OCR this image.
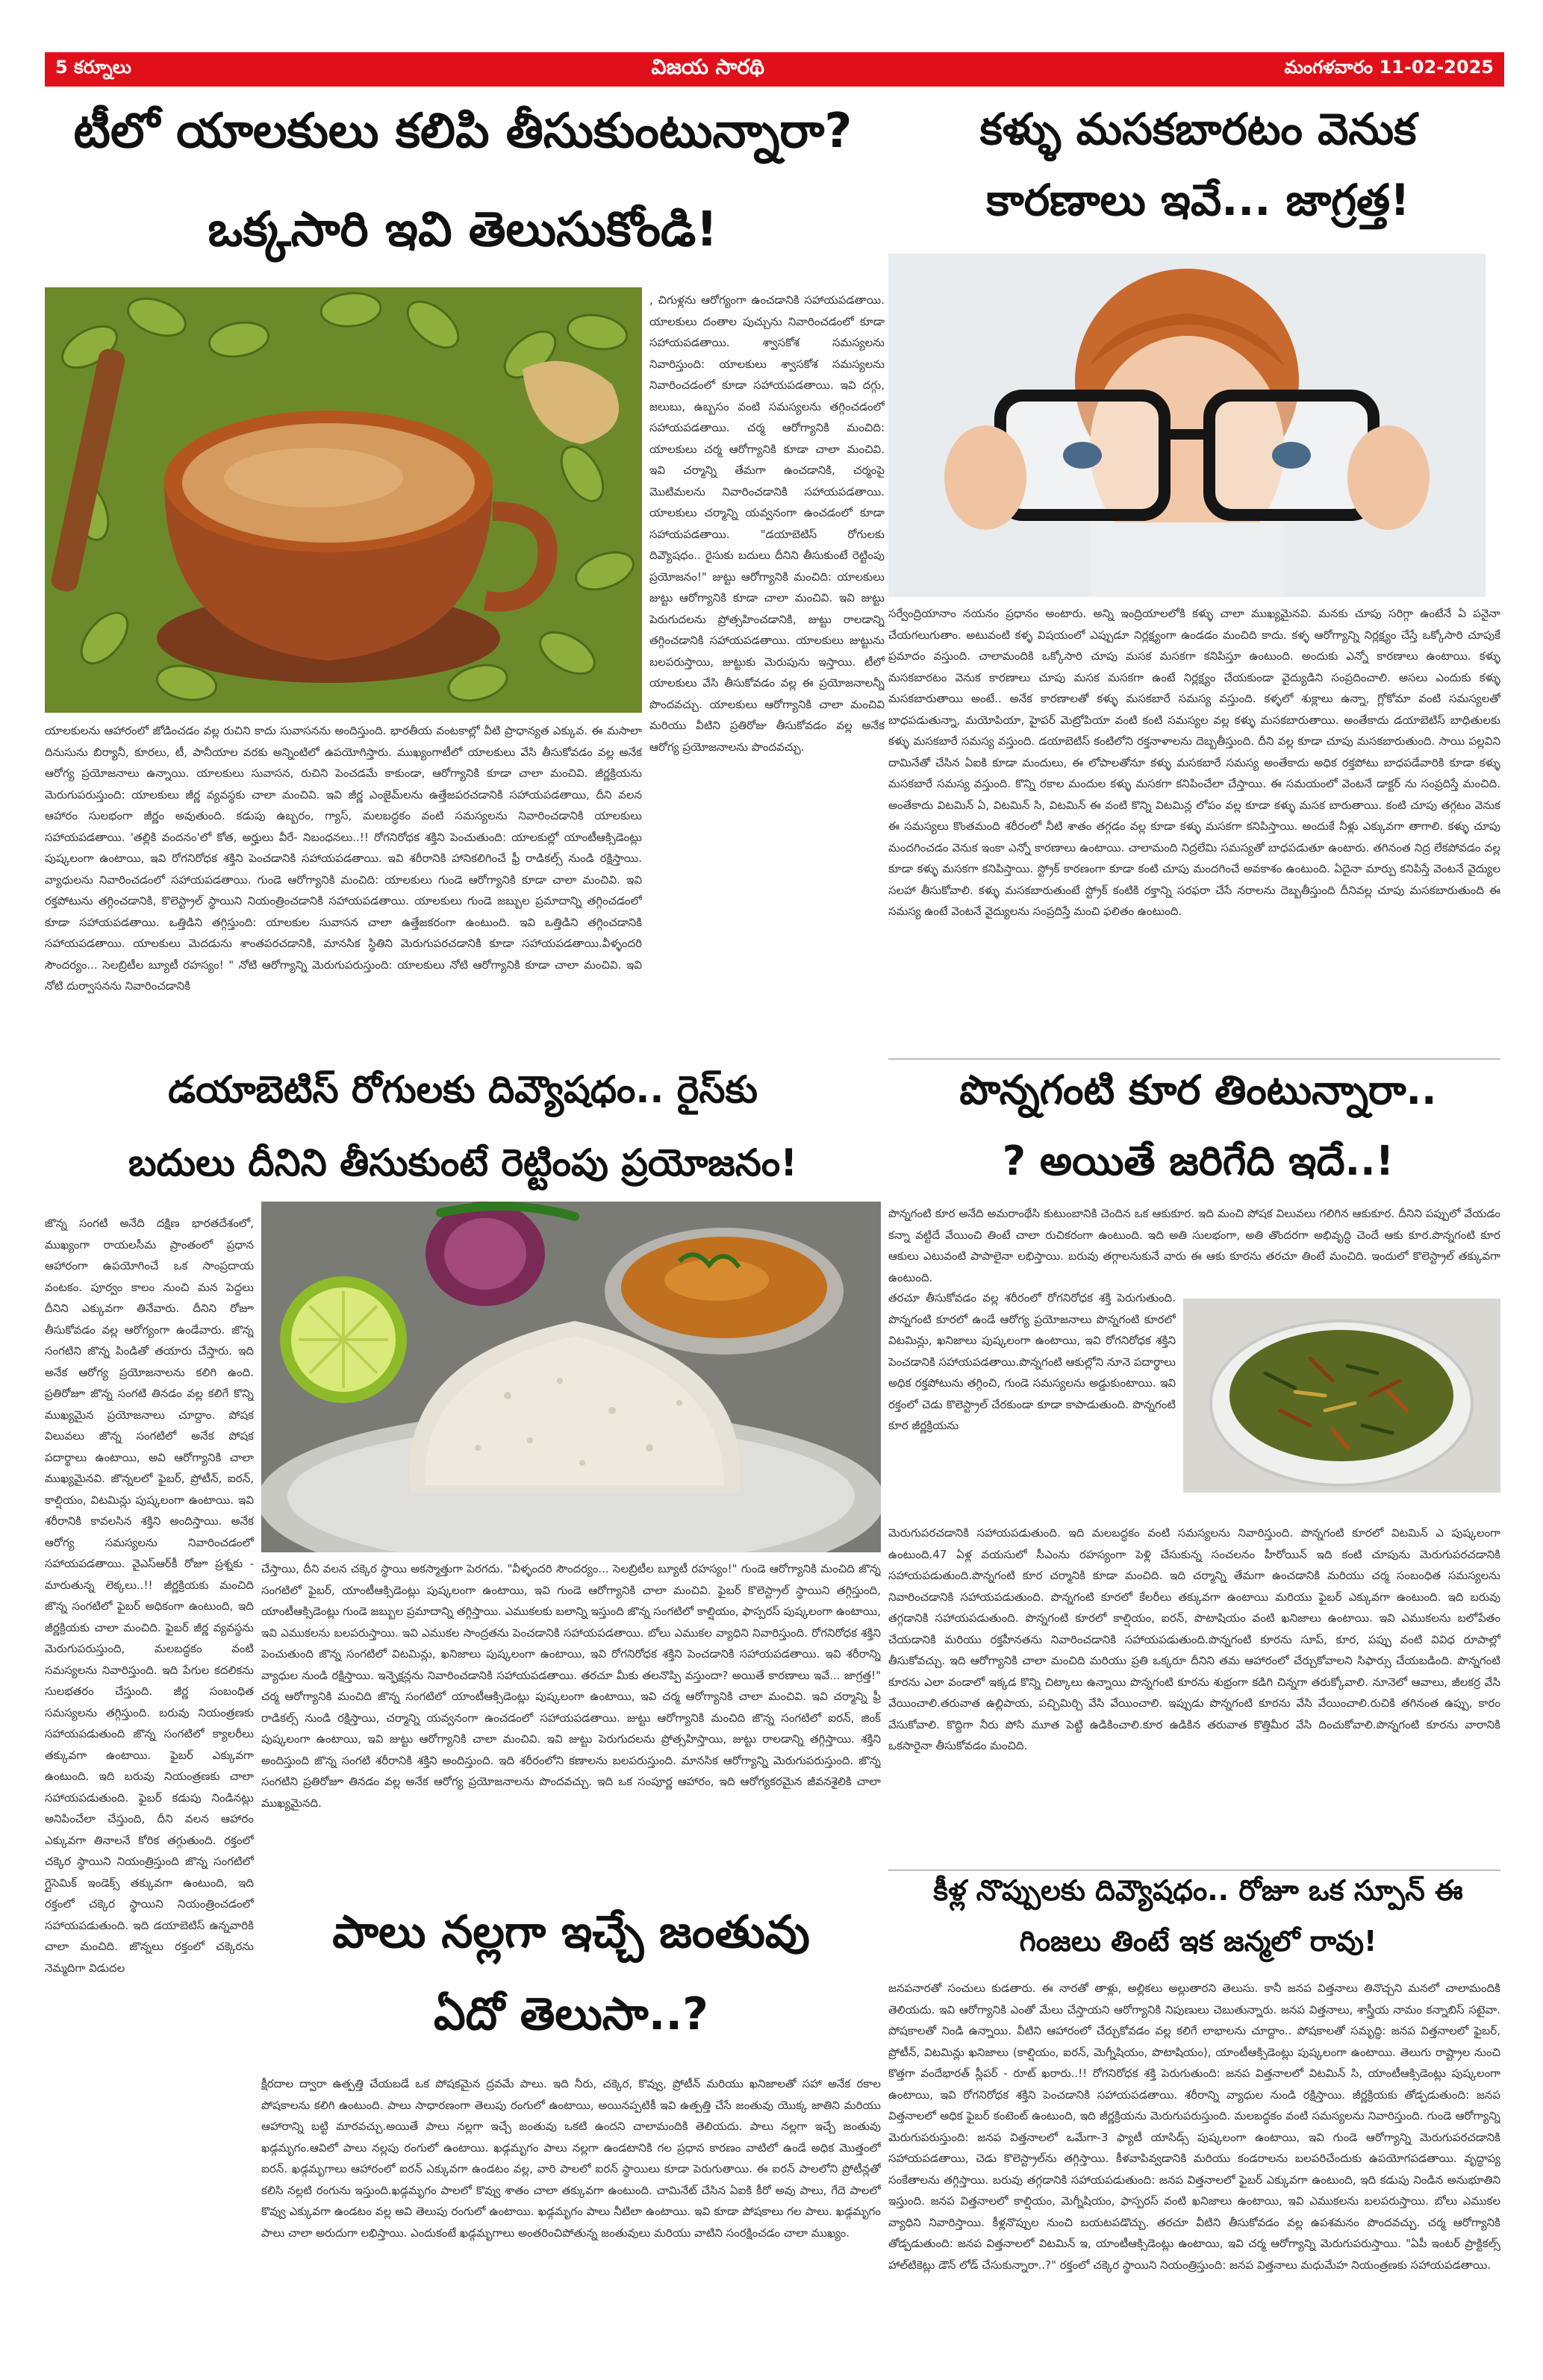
5 కర్నూలు	విజయ సారథి	మంగళవారం 11-02-2025
టీలో యాలకులు కలిపి తీసుకుంటున్నారా?
ఒక్కసారి ఇవి తెలుసుకోండి!
, చిగుళ్లను ఆరోగ్యంగా ఉంచడానికి సహాయపడతాయి. యాలకులు దంతాల పుచ్చును నివారించడంలో కూడా సహాయపడతాయి. శ్వాసకోశ సమస్యలను నివారిస్తుంది: యాలకులు శ్వాసకోశ సమస్యలను నివారించడంలో కూడా సహాయపడతాయి. ఇవి దగ్గు, జలుబు, ఉబ్బసం వంటి సమస్యలను తగ్గించడంలో సహాయపడతాయి. చర్మ ఆరోగ్యానికి మంచిది: యాలకులు చర్మ ఆరోగ్యానికి కూడా చాలా మంచివి. ఇవి చర్మాన్ని తేమగా ఉంచడానికి, చర్మంపై మొటిమలను నివారించడానికి సహాయపడతాయి. యాలకులు చర్మాన్ని యవ్వనంగా ఉంచడంలో కూడా సహాయపడతాయి. "డయాబెటిస్ రోగులకు దివ్యౌషధం.. రైసుకు బదులు దీనిని తీసుకుంటే రెట్టింపు ప్రయోజనం!" జుట్టు ఆరోగ్యానికి మంచిది: యాలకులు జుట్టు ఆరోగ్యానికి కూడా చాలా మంచివి. ఇవి జుట్టు పెరుగుదలను ప్రోత్సహించడానికి, జుట్టు రాలడాన్ని తగ్గించడానికి సహాయపడతాయి. యాలకులు జుట్టును బలపరుస్తాయి, జుట్టుకు మెరుపును ఇస్తాయి. టీలో యాలకులు వేసి తీసుకోవడం వల్ల ఈ ప్రయోజనాలన్నీ పొందవచ్చు. యాలకులు ఆరోగ్యానికి చాలా మంచివి మరియు వీటిని ప్రతిరోజు తీసుకోవడం వల్ల అనేక ఆరోగ్య ప్రయోజనాలను పొందవచ్చు.
యాలకులను ఆహారంలో జోడించడం వల్ల రుచిని కాదు సువాసనను అందిస్తుంది. భారతీయ వంటకాల్లో వీటి ప్రాధాన్యత ఎక్కువ. ఈ మసాలా దినుసును బిర్యానీ, కూరలు, టీ, పానీయాల వరకు అన్నింటిలో ఉపయోగిస్తారు. ముఖ్యంగాటీలో యాలకులు వేసి తీసుకోవడం వల్ల అనేక ఆరోగ్య ప్రయోజనాలు ఉన్నాయి. యాలకులు సువాసన, రుచిని పెంచడమే కాకుండా, ఆరోగ్యానికి కూడా చాలా మంచివి. జీర్ణక్రియను మెరుగుపరుస్తుంది: యాలకులు జీర్ణ వ్యవస్థకు చాలా మంచివి. ఇవి జీర్ణ ఎంజైమ్‌లను ఉత్తేజపరచడానికి సహాయపడతాయి, దీని వలన ఆహారం సులభంగా జీర్ణం అవుతుంది. కడుపు ఉబ్బరం, గ్యాస్, మలబద్ధకం వంటి సమస్యలను నివారించడానికి యాలకులు సహాయపడతాయి. 'తల్లికి వందనం'లో కోత, అర్హులు వీరే- నిబంధనలు..!! రోగనిరోధక శక్తిని పెంచుతుంది: యాలకుల్లో యాంటీఆక్సిడెంట్లు పుష్కలంగా ఉంటాయి, ఇవి రోగనిరోధక శక్తిని పెంచడానికి సహాయపడతాయి. ఇవి శరీరానికి హానికలిగించే ఫ్రీ రాడికల్స్ నుండి రక్షిస్తాయి. వ్యాధులను నివారించడంలో సహాయపడతాయి. గుండె ఆరోగ్యానికి మంచిది: యాలకులు గుండె ఆరోగ్యానికి కూడా చాలా మంచివి. ఇవి రక్తపోటును తగ్గించడానికి, కొలెస్ట్రాల్ స్థాయిని నియంత్రించడానికి సహాయపడతాయి. యాలకులు గుండె జబ్బుల ప్రమాదాన్ని తగ్గించడంలో కూడా సహాయపడతాయి. ఒత్తిడిని తగ్గిస్తుంది: యాలకుల సువాసన చాలా ఉత్తేజకరంగా ఉంటుంది. ఇవి ఒత్తిడిని తగ్గించడానికి సహాయపడతాయి. యాలకులు మెదడును శాంతపరచడానికి, మానసిక స్థితిని మెరుగుపరచడానికి కూడా సహాయపడతాయి.వీళ్ళందరి సౌందర్యం... సెలబ్రిటీల బ్యూటీ రహస్యం! " నోటి ఆరోగ్యాన్ని మెరుగుపరుస్తుంది: యాలకులు నోటి ఆరోగ్యానికి కూడా చాలా మంచివి. ఇవి నోటి దుర్వాసనను నివారించడానికి
కళ్ళు మసకబారటం వెనుక
కారణాలు ఇవే... జాగ్రత్త!
సర్వేంద్రియానాం నయనం ప్రధానం అంటారు. అన్ని ఇంద్రియాలలోకి కళ్ళు చాలా ముఖ్యమైనవి. మనకు చూపు సరిగ్గా ఉంటేనే ఏ పనైనా చేయగలుగుతాం. అటువంటి కళ్ళ విషయంలో ఎప్పుడూ నిర్లక్ష్యంగా ఉండడం మంచిది కాదు. కళ్ళ ఆరోగ్యాన్ని నిర్లక్ష్యం చేస్తే ఒక్కోసారి చూపుకే ప్రమాదం వస్తుంది. చాలామందికి ఒక్కోసారి చూపు మసక మసకగా కనిపిస్తూ ఉంటుంది. అందుకు ఎన్నో కారణాలు ఉంటాయి. కళ్ళు మసకబారటం వెనుక కారణాలు చూపు మసక మసకగా ఉంటే నిర్లక్ష్యం చేయకుండా వైద్యుడిని సంప్రదించాలి. అసలు ఎందుకు కళ్ళు మసకబారుతాయి అంటే.. అనేక కారణాలతో కళ్ళు మసకబారే సమస్య వస్తుంది. కళ్ళలో శుక్లాలు ఉన్నా, గ్లోకోమా వంటి సమస్యలతో బాధపడుతున్నా, మయోపియా, హైపర్ మెట్రోపియా వంటి కంటి సమస్యల వల్ల కళ్ళు మసకబారుతాయి. అంతేకాదు డయాబెటిస్ బాధితులకు కళ్ళు మసకబారే సమస్య వస్తుంది. డయాబెటిస్ కంటిలోని రక్తనాళాలను దెబ్బతీస్తుంది. దీని వల్ల కూడా చూపు మసకబారుతుంది. సాయి పల్లవిని దామినేతో చేసిన ఏఐకి కూడా మందులు, ఈ లోపాలతోనూ కళ్ళు మసకబారే సమస్య అంతేకాదు అధిక రక్తపోటు బాధపడేవారికి కూడా కళ్ళు మసకబారే సమస్య వస్తుంది. కొన్ని రకాల మందుల కళ్ళు మసకగా కనిపించేలా చేస్తాయి. ఈ సమయంలో వెంటనే డాక్టర్ ను సంప్రదిస్తే మంచిది. అంతేకాదు విటమిన్ ఏ, విటమిన్ సి, విటమిన్ ఈ వంటి కొన్ని విటమిన్ల లోపం వల్ల కూడా కళ్ళు మసక బారుతాయి. కంటి చూపు తగ్గటం వెనుక ఈ సమస్యలు కొంతమంది శరీరంలో నీటి శాతం తగ్గడం వల్ల కూడా కళ్ళు మసకగా కనిపిస్తాయి. అందుకే నీళ్లు ఎక్కువగా తాగాలి. కళ్ళు చూపు మందగించడం వెనుక ఇంకా ఎన్నో కారణాలు ఉంటాయి. చాలామంది నిద్రలేమి సమస్యతో బాధపడుతూ ఉంటారు. తగినంత నిద్ర లేకపోవడం వల్ల కూడా కళ్ళు మసకగా కనిపిస్తాయి. స్ట్రోక్ కారణంగా కూడా కంటి చూపు మందగించే అవకాశం ఉంటుంది. ఏదైనా మార్పు కనిపిస్తే వెంటనే వైద్యుల సలహా తీసుకోవాలి. కళ్ళు మసకబారుతుంటే స్ట్రోక్ కంటికి రక్తాన్ని సరఫరా చేసే నరాలను దెబ్బతీస్తుంది దీనివల్ల చూపు మసకబారుతుంది ఈ సమస్య ఉంటే వెంటనే వైద్యులను సంప్రదిస్తే మంచి ఫలితం ఉంటుంది.
డయాబెటిస్ రోగులకు దివ్యౌషధం.. రైస్‌కు
బదులు దీనిని తీసుకుంటే రెట్టింపు ప్రయోజనం!
జొన్న సంగటి అనేది దక్షిణ భారతదేశంలో, ముఖ్యంగా రాయలసీమ ప్రాంతంలో ప్రధాన ఆహారంగా ఉపయోగించే ఒక సాంప్రదాయ వంటకం. పూర్వం కాలం నుంచి మన పెద్దలు దీనిని ఎక్కువగా తినేవారు. దీనిని రోజూ తీసుకోవడం వల్ల ఆరోగ్యంగా ఉండేవారు. జొన్న సంగటిని జొన్న పిండితో తయారు చేస్తారు. ఇది అనేక ఆరోగ్య ప్రయోజనాలను కలిగి ఉంది. ప్రతిరోజూ జొన్న సంగటి తినడం వల్ల కలిగే కొన్ని ముఖ్యమైన ప్రయోజనాలు చూద్దాం. పోషక విలువలు జొన్న సంగటిలో అనేక పోషక పదార్థాలు ఉంటాయి, అవి ఆరోగ్యానికి చాలా ముఖ్యమైనవి. జొన్నలలో ఫైబర్, ప్రోటీన్, ఐరన్, కాల్షియం, విటమిన్లు పుష్కలంగా ఉంటాయి. ఇవి శరీరానికి కావలసిన శక్తిని అందిస్తాయి. అనేక ఆరోగ్య సమస్యలను నివారించడంలో సహాయపడతాయి. వైఎస్‌ఆర్‌కీ రోజూ ప్రశ్నకు - మారుతున్న లెక్కలు..!! జీర్ణక్రియకు మంచిది జొన్న సంగటిలో ఫైబర్ అధికంగా ఉంటుంది, ఇది జీర్ణక్రియకు చాలా మంచిది. ఫైబర్ జీర్ణ వ్యవస్థను మెరుగుపరుస్తుంది, మలబద్ధకం వంటి సమస్యలను నివారిస్తుంది. ఇది పేగుల కదలికను సులభతరం చేస్తుంది. జీర్ణ సంబంధిత సమస్యలను తగ్గిస్తుంది. బరువు నియంత్రణకు సహాయపడుతుంది జొన్న సంగటిలో క్యాలరీలు తక్కువగా ఉంటాయి. ఫైబర్ ఎక్కువగా ఉంటుంది. ఇది బరువు నియంత్రణకు చాలా సహాయపడుతుంది. ఫైబర్ కడుపు నిండినట్లు అనిపించేలా చేస్తుంది, దీని వలన ఆహారం ఎక్కువగా తినాలనే కోరిక తగ్గుతుంది. రక్తంలో చక్కెర స్థాయిని నియంత్రిస్తుంది జొన్న సంగటిలో గ్లైసెమిక్ ఇండెక్స్ తక్కువగా ఉంటుంది, ఇది రక్తంలో చక్కెర స్థాయిని నియంత్రించడంలో సహాయపడుతుంది. ఇది డయాబెటిస్ ఉన్నవారికి చాలా మంచిది. జొన్నలు రక్తంలో చక్కెరను నెమ్మదిగా విడుదల
చేస్తాయి, దీని వలన చక్కెర స్థాయి అకస్మాత్తుగా పెరగదు. "వీళ్ళందరి సౌందర్యం... సెలబ్రిటీల బ్యూటీ రహస్యం!" గుండె ఆరోగ్యానికి మంచిది జొన్న సంగటిలో ఫైబర్, యాంటీఆక్సిడెంట్లు పుష్కలంగా ఉంటాయి, ఇవి గుండె ఆరోగ్యానికి చాలా మంచివి. ఫైబర్ కొలెస్ట్రాల్ స్థాయిని తగ్గిస్తుంది, యాంటీఆక్సిడెంట్లు గుండె జబ్బుల ప్రమాదాన్ని తగ్గిస్తాయి. ఎముకలకు బలాన్ని ఇస్తుంది జొన్న సంగటిలో కాల్షియం, ఫాస్పరస్ పుష్కలంగా ఉంటాయి, ఇవి ఎముకలను బలపరుస్తాయి. ఇవి ఎముకల సాంద్రతను పెంచడానికి సహాయపడతాయి. బోలు ఎముకల వ్యాధిని నివారిస్తుంది. రోగనిరోధక శక్తిని పెంచుతుంది జొన్న సంగటిలో విటమిన్లు, ఖనిజాలు పుష్కలంగా ఉంటాయి, ఇవి రోగనిరోధక శక్తిని పెంచడానికి సహాయపడతాయి. ఇవి శరీరాన్ని వ్యాధుల నుండి రక్షిస్తాయి. ఇన్ఫెక్షన్లను నివారించడానికి సహాయపడతాయి. తరచూ మీకు తలనొప్పి వస్తుందా? అయితే కారణాలు ఇవే... జాగ్రత్త!" చర్మ ఆరోగ్యానికి మంచిది జొన్న సంగటిలో యాంటీఆక్సిడెంట్లు పుష్కలంగా ఉంటాయి, ఇవి చర్మ ఆరోగ్యానికి చాలా మంచివి. ఇవి చర్మాన్ని ఫ్రీ రాడికల్స్ నుండి రక్షిస్తాయి, చర్మాన్ని యవ్వనంగా ఉంచడంలో సహాయపడతాయి. జుట్టు ఆరోగ్యానికి మంచిది జొన్న సంగటిలో ఐరన్, జింక్ పుష్కలంగా ఉంటాయి, ఇవి జుట్టు ఆరోగ్యానికి చాలా మంచివి. ఇవి జుట్టు పెరుగుదలను ప్రోత్సహిస్తాయి, జుట్టు రాలడాన్ని తగ్గిస్తాయి. శక్తిని అందిస్తుంది జొన్న సంగటి శరీరానికి శక్తిని అందిస్తుంది. ఇది శరీరంలోని కణాలను బలపరుస్తుంది. మానసిక ఆరోగ్యాన్ని మెరుగుపరుస్తుంది. జొన్న సంగటిని ప్రతిరోజూ తినడం వల్ల అనేక ఆరోగ్య ప్రయోజనాలను పొందవచ్చు. ఇది ఒక సంపూర్ణ ఆహారం, ఇది ఆరోగ్యకరమైన జీవనశైలికి చాలా ముఖ్యమైనది.
పాలు నల్లగా ఇచ్చే జంతువు
ఏదో తెలుసా..?
క్షీరదాల ద్వారా ఉత్పత్తి చేయబడే ఒక పోషకమైన ద్రవమే పాలు. ఇది నీరు, చక్కెర, కొవ్వు, ప్రోటీన్ మరియు ఖనిజాలతో సహా అనేక రకాల పోషకాలను కలిగి ఉంటుంది. పాలు సాధారణంగా తెలుపు రంగులో ఉంటాయి, అయినప్పటికీ ఇవి ఉత్పత్తి చేసే జంతువు యొక్క జాతిని మరియు ఆహారాన్ని బట్టి మారవచ్చు.అయితే పాలు నల్లగా ఇచ్చే జంతువు ఒకటి ఉందని చాలామందికి తెలియదు. పాలు నల్లగా ఇచ్చే జంతువు ఖడ్గమృగం.ఆవిలో పాలు నల్లపు రంగులో ఉంటాయి. ఖడ్గమృగం పాలు నల్లగా ఉండటానికి గల ప్రధాన కారణం వాటిలో ఉండే అధిక మొత్తంలో ఐరన్. ఖడ్గమృగాలు ఆహారంలో ఐరన్ ఎక్కువగా ఉండటం వల్ల, వారి పాలలో ఐరన్ స్థాయిలు కూడా పెరుగుతాయి. ఈ ఐరన్ పాలలోని ప్రోటీన్లతో కలిసి నల్లటి రంగును ఇస్తుంది.ఖడ్గమృగం పాలలో కొవ్వు శాతం చాలా తక్కువగా ఉంటుంది. చామినేట్ చేసిన ఏఐకి కీరో అవు పాలు, గేదె పాలలో కొవ్వు ఎక్కువగా ఉండటం వల్ల అవి తెలుపు రంగులో ఉంటాయి. ఖడ్గమృగం పాలు నీటిలా ఉంటాయి. ఇవి కూడా పోషకాలు గల పాలు. ఖడ్గమృగం పాలు చాలా అరుదుగా లభిస్తాయి. ఎందుకంటే ఖడ్గమృగాలు అంతరించిపోతున్న జంతువులు మరియు వాటిని సంరక్షించడం చాలా ముఖ్యం.
పొన్నగంటి కూర తింటున్నారా..
? అయితే జరిగేది ఇదే..!
పొన్నగంటి కూర అనేది అమరాంథేసి కుటుంబానికి చెందిన ఒక ఆకుకూర. ఇది మంచి పోషక విలువలు గలిగిన ఆకుకూర. దీనిని పప్పులో వేయడం కన్నా వట్టిదే వేయించి తింటే చాలా రుచికరంగా ఉంటుంది. ఇది అతి సులభంగా, అతి తొందరగా అభివృద్ధి చెందే ఆకు కూర.పొన్నగంటి కూర ఆకులు ఎటువంటి పాపాలైనా లభిస్తాయి. బరువు తగ్గాలనుకునే వారు ఈ ఆకు కూరను తరచూ తింటే మంచిది. ఇందులో కొలెస్ట్రాల్ తక్కువగా ఉంటుంది.
తరచూ తీసుకోవడం వల్ల శరీరంలో రోగనిరోధక శక్తి పెరుగుతుంది. పొన్నగంటి కూరలో ఉండే ఆరోగ్య ప్రయోజనాలు పొన్నగంటి కూరలో విటమిన్లు, ఖనిజాలు పుష్కలంగా ఉంటాయి, ఇవి రోగనిరోధక శక్తిని పెంచడానికి సహాయపడతాయి.పొన్నగంటి ఆకుల్లోని నూనె పదార్థాలు అధిక రక్తపోటును తగ్గించి, గుండె సమస్యలను అడ్డుకుంటాయి. ఇవి రక్తంలో చెడు కొలెస్ట్రాల్ చేరకుండా కూడా కాపాడుతుంది. పొన్నగంటి కూర జీర్ణక్రియను
మెరుగుపరచడానికి సహాయపడుతుంది. ఇది మలబద్ధకం వంటి సమస్యలను నివారిస్తుంది. పొన్నగంటి కూరలో విటమిన్ ఎ పుష్కలంగా ఉంటుంది.47 ఏళ్ల వయసులో సీఎంను రహస్యంగా పెళ్లి చేసుకున్న సంచలనం హీరోయిన్ ఇది కంటి చూపును మెరుగుపరచడానికి సహాయపడుతుంది.పొన్నగంటి కూర చర్మానికి కూడా మంచిది. ఇది చర్మాన్ని తేమగా ఉంచడానికి మరియు చర్మ సంబంధిత సమస్యలను నివారించడానికి సహాయపడుతుంది. పొన్నగంటి కూరలో కేలరీలు తక్కువగా ఉంటాయి మరియు ఫైబర్ ఎక్కువగా ఉంటుంది. ఇది బరువు తగ్గడానికి సహాయపడుతుంది. పొన్నగంటి కూరలో కాల్షియం, ఐరన్, పొటాషియం వంటి ఖనిజాలు ఉంటాయి. ఇవి ఎముకలను బలోపేతం చేయడానికి మరియు రక్తహీనతను నివారించడానికి సహాయపడుతుంది.పొన్నగంటి కూరను సూప్, కూర, పప్పు వంటి వివిధ రూపాల్లో తీసుకోవచ్చు. ఇది ఆరోగ్యానికి చాలా మంచిది మరియు ప్రతి ఒక్కరూ దీనిని తమ ఆహారంలో చేర్చుకోవాలని సిఫార్సు చేయబడింది. పొన్నగంటి కూరను ఎలా వండాలో ఇక్కడ కొన్ని చిట్కాలు ఉన్నాయి పొన్నగంటి కూరను శుభ్రంగా కడిగి చిన్నగా తరుక్కోవాలి. నూనెలో ఆవాలు, జీలకర్ర వేసి వేయించాలి.తరువాత ఉల్లిపాయ, పచ్చిమిర్చి వేసి వేయించాలి. ఇప్పుడు పొన్నగంటి కూరను వేసి వేయించాలి.రుచికి తగినంత ఉప్పు, కారం వేసుకోవాలి. కొద్దిగా నీరు పోసి మూత పెట్టి ఉడికించాలి.కూర ఉడికిన తరువాత కొత్తిమీర వేసి దించుకోవాలి.పొన్నగంటి కూరను వారానికి ఒకసారైనా తీసుకోవడం మంచిది.
కీళ్ల నొప్పులకు దివ్యౌషధం.. రోజూ ఒక స్పూన్ ఈ
గింజలు తింటే ఇక జన్మలో రావు!
జనపనారతో సంచులు కుడతారు. ఈ నారతో తాళ్లు, అల్లికలు అల్లుతారని తెలుసు. కానీ జనప విత్తనాలు తినొచ్చని మనలో చాలామందికి తెలియదు. ఇవి ఆరోగ్యానికి ఎంతో మేలు చేస్తాయని ఆరోగ్యానికి నిపుణులు చెబుతున్నారు. జనప విత్తనాలు, శాస్త్రీయ నామం కన్నాబిస్ సటైవా. పోషకాలతో నిండి ఉన్నాయి. వీటిని ఆహారంలో చేర్చుకోవడం వల్ల కలిగే లాభాలను చూద్దాం.. పోషకాలతో సమృద్ధి: జనప విత్తనాలలో ఫైబర్, ప్రోటీన్, విటమిన్లు ఖనిజాలు (కాల్షియం, ఐరన్, మెగ్నీషియం, పొటాషియం), యాంటీఆక్సిడెంట్లు పుష్కలంగా ఉంటాయి. తెలుగు రాష్ట్రాల నుంచి కొత్తగా వందేభారత్ స్లీపర్ - రూట్ ఖరారు..!! రోగనిరోధక శక్తి పెరుగుతుంది: జనప విత్తనాలలో విటమిన్ సి, యాంటీఆక్సిడెంట్లు పుష్కలంగా ఉంటాయి, ఇవి రోగనిరోధక శక్తిని పెంచడానికి సహాయపడతాయి. శరీరాన్ని వ్యాధుల నుండి రక్షిస్తాయి. జీర్ణక్రియకు తోడ్పడుతుంది: జనప విత్తనాలలో అధిక ఫైబర్ కంటెంట్ ఉంటుంది, ఇది జీర్ణక్రియను మెరుగుపరుస్తుంది. మలబద్ధకం వంటి సమస్యలను నివారిస్తుంది. గుండె ఆరోగ్యాన్ని మెరుగుపరుస్తుంది: జనప విత్తనాలలో ఒమేగా-3 ఫ్యాటీ యాసిడ్స్ పుష్కలంగా ఉంటాయి, ఇవి గుండె ఆరోగ్యాన్ని మెరుగుపరచడానికి సహాయపడతాయి, చెడు కొలెస్ట్రాల్‌ను తగ్గిస్తాయి. కీళవాపివ్వడానికి మరియు కండరాలను బలపరిచేందుకు ఉపయోగపడతాయి. వృద్ధాప్య సంకేతాలను తగ్గిస్తాయి. బరువు తగ్గడానికి సహాయపడుతుంది: జనప విత్తనాలలో ఫైబర్ ఎక్కువగా ఉంటుంది, ఇది కడుపు నిండిన అనుభూతిని ఇస్తుంది. జనప విత్తనాలలో కాల్షియం, మెగ్నీషియం, ఫాస్పరస్ వంటి ఖనిజాలు ఉంటాయి, ఇవి ఎముకలను బలపరుస్తాయి. బోలు ఎముకల వ్యాధిని నివారిస్తాయి. కీళ్లనొప్పుల నుంచి బయటపడొచ్చు. తరచూ వీటిని తీసుకోవడం వల్ల ఉపశమనం పొందవచ్చు. చర్మ ఆరోగ్యానికి తోడ్పడుతుంది: జనప విత్తనాలలో విటమిన్ ఇ, యాంటీఆక్సిడెంట్లు ఉంటాయి, ఇవి చర్మ ఆరోగ్యాన్ని మెరుగుపరుస్తాయి. "ఏపీ ఇంటర్ ప్రాక్టికల్స్ హాల్‌టికెట్లు డౌన్ లోడ్ చేసుకున్నారా..?" రక్తంలో చక్కెర స్థాయిని నియంత్రిస్తుంది: జనప విత్తనాలు మధుమేహ నియంత్రణకు సహాయపడతాయి.
